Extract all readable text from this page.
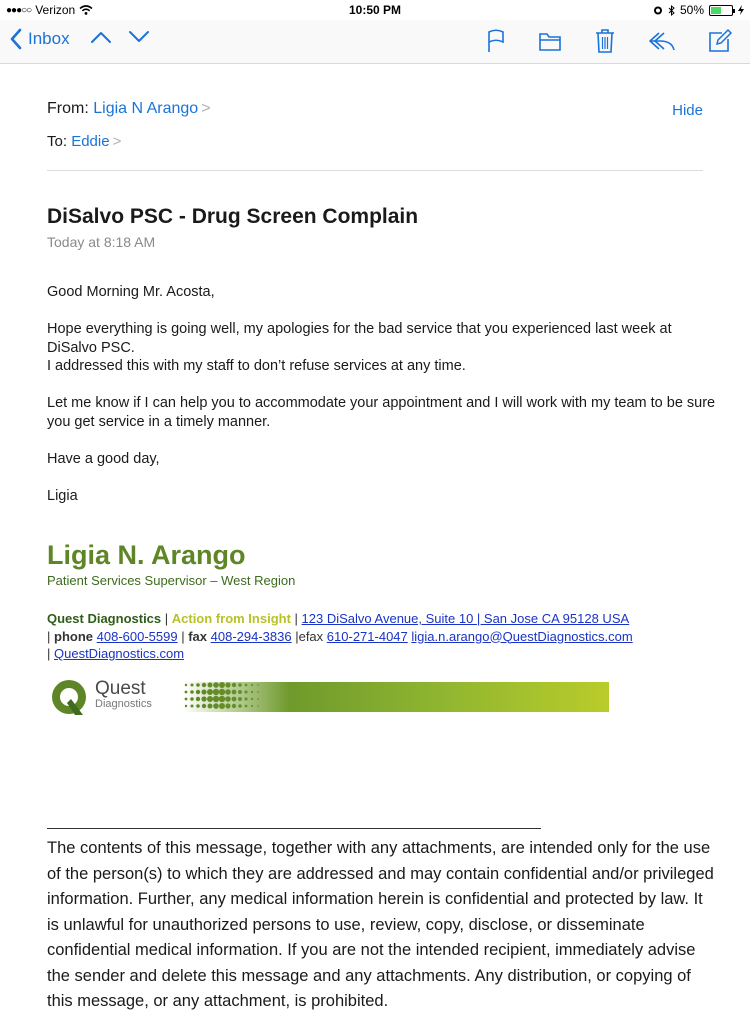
●●●○○ Verizon	10:50 PM	50%
Inbox
From: Ligia N Arango >	Hide
To: Eddie >
DiSalvo PSC - Drug Screen Complain
Today at 8:18 AM

Good Morning Mr. Acosta,

Hope everything is going well, my apologies for the bad service that you experienced last week at DiSalvo PSC.
I addressed this with my staff to don’t refuse services at any time.

Let me know if I can help you to accommodate your appointment and I will work with my team to be sure you get service in a timely manner.

Have a good day,

Ligia

Ligia N. Arango
Patient Services Supervisor – West Region
Quest Diagnostics | Action from Insight | 123 DiSalvo Avenue, Suite 10 | San Jose CA 95128 USA
| phone 408-600-5599 | fax 408-294-3836 |efax 610-271-4047 ligia.n.arango@QuestDiagnostics.com
| QuestDiagnostics.com
Quest
Diagnostics
The contents of this message, together with any attachments, are intended only for the use of the person(s) to which they are addressed and may contain confidential and/or privileged information. Further, any medical information herein is confidential and protected by law. It is unlawful for unauthorized persons to use, review, copy, disclose, or disseminate confidential medical information. If you are not the intended recipient, immediately advise the sender and delete this message and any attachments. Any distribution, or copying of this message, or any attachment, is prohibited.
